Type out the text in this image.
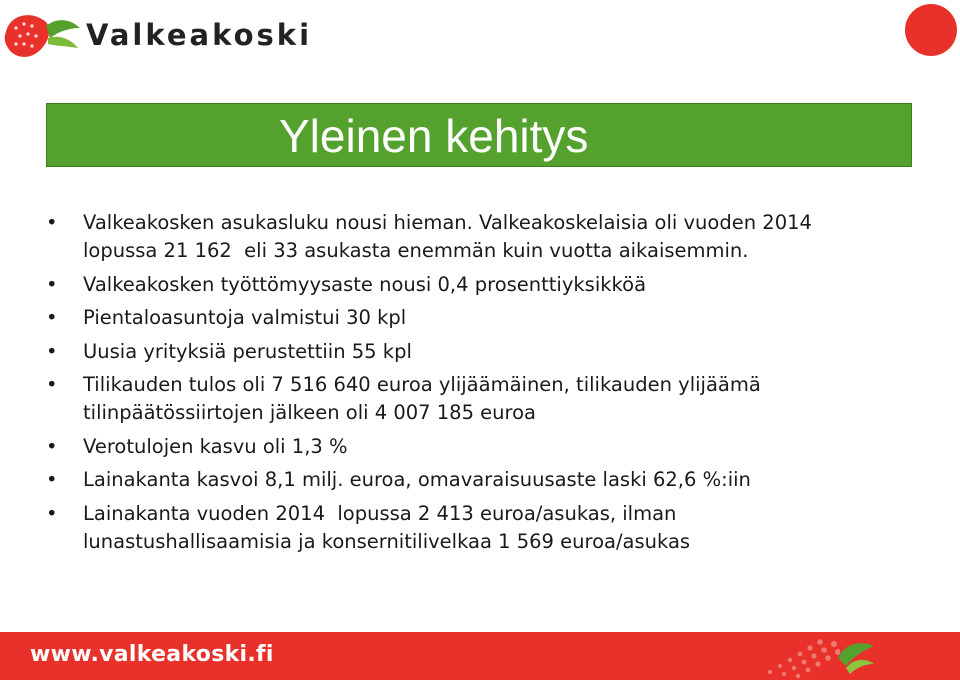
Valkeakoski
Yleinen kehitys
• Valkeakosken asukasluku nousi hieman. Valkeakoskelaisia oli vuoden 2014
lopussa 21 162  eli 33 asukasta enemmän kuin vuotta aikaisemmin.
• Valkeakosken työttömyysaste nousi 0,4 prosenttiyksikköä
• Pientaloasuntoja valmistui 30 kpl
• Uusia yrityksiä perustettiin 55 kpl
• Tilikauden tulos oli 7 516 640 euroa ylijäämäinen, tilikauden ylijäämä
tilinpäätössiirtojen jälkeen oli 4 007 185 euroa
• Verotulojen kasvu oli 1,3 %
• Lainakanta kasvoi 8,1 milj. euroa, omavaraisuusaste laski 62,6 %:iin
• Lainakanta vuoden 2014  lopussa 2 413 euroa/asukas, ilman
lunastushallisaamisia ja konsernitilivelkaa 1 569 euroa/asukas
www.valkeakoski.fi
